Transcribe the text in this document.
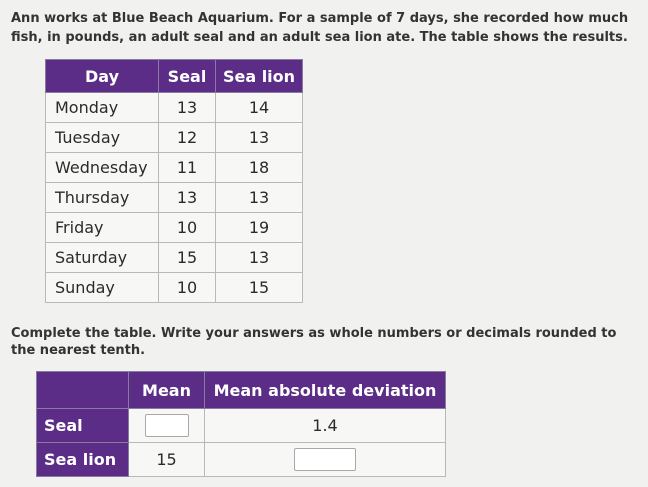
Ann works at Blue Beach Aquarium. For a sample of 7 days, she recorded how much fish, in pounds, an adult seal and an adult sea lion ate. The table shows the results.

Day	Seal	Sea lion
Monday	13	14
Tuesday	12	13
Wednesday	11	18
Thursday	13	13
Friday	10	19
Saturday	15	13
Sunday	10	15

Complete the table. Write your answers as whole numbers or decimals rounded to the nearest tenth.

	Mean	Mean absolute deviation
Seal		1.4
Sea lion	15	
